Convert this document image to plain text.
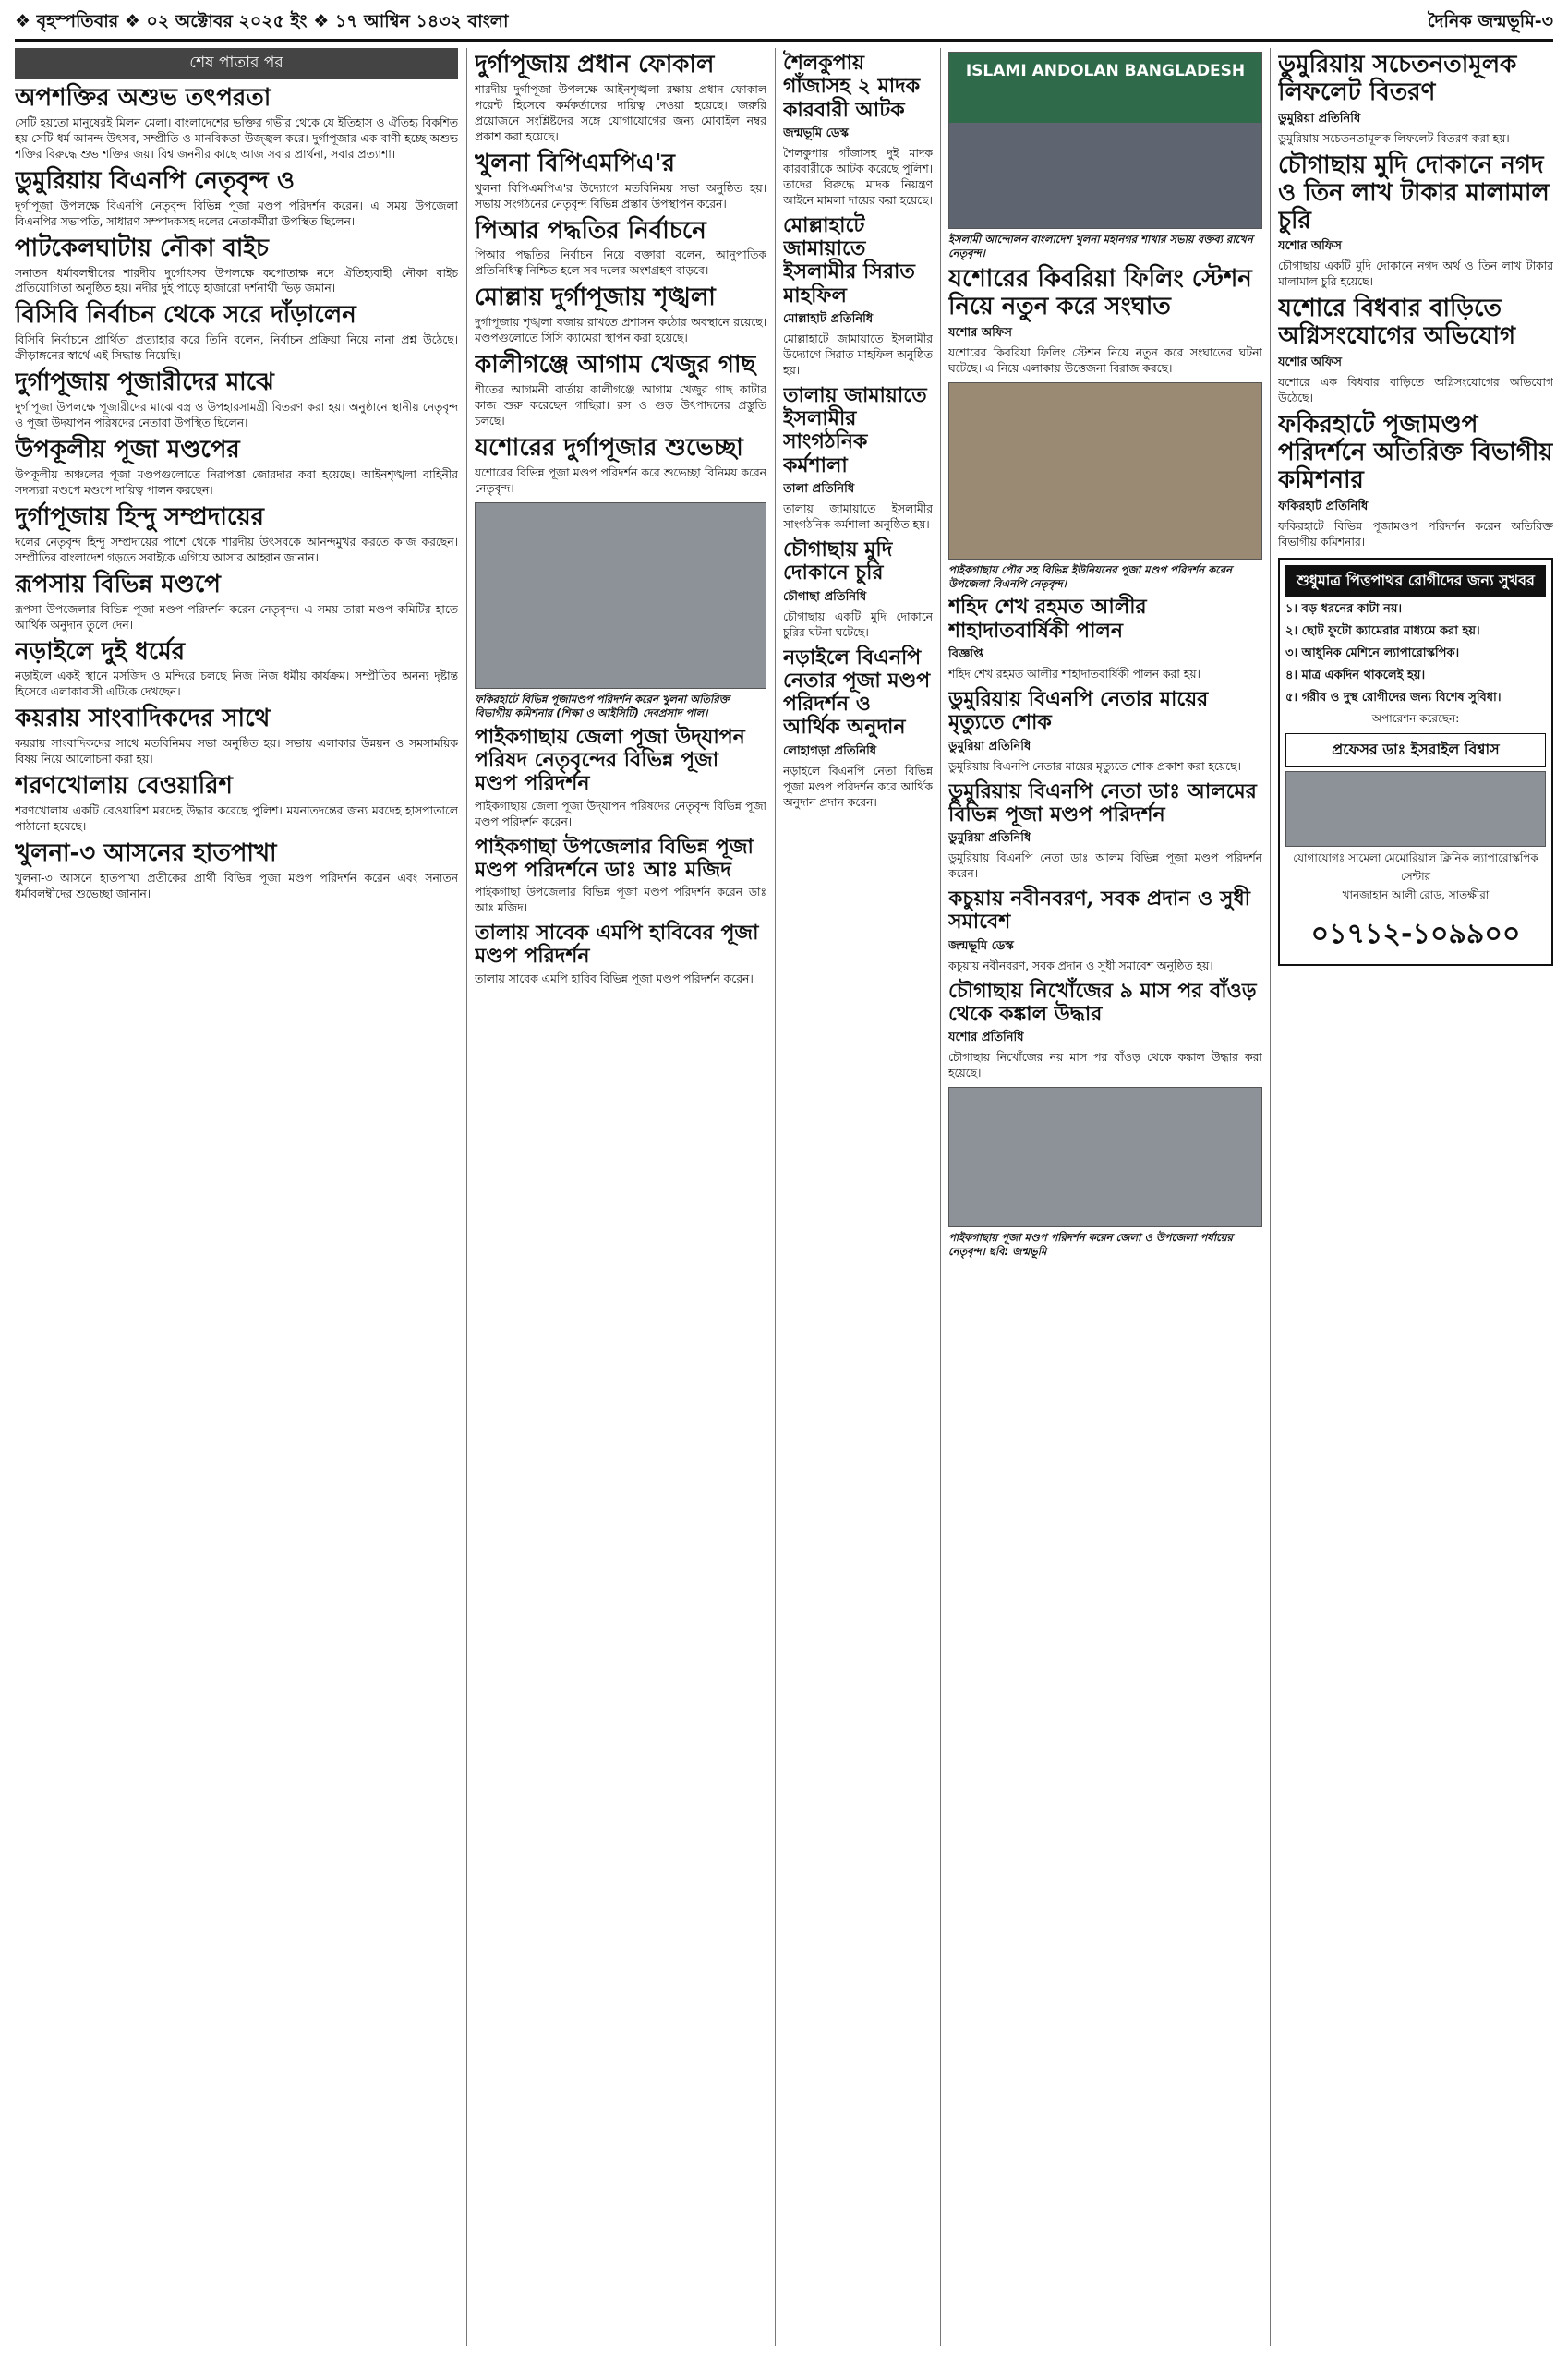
❖ বৃহস্পতিবার ❖ ০২ অক্টোবর ২০২৫ ইং ❖ ১৭ আশ্বিন ১৪৩২ বাংলা	দৈনিক জন্মভূমি-৩
শেষ পাতার পর
অপশক্তির অশুভ তৎপরতা

সেটি হয়তো মানুষেরই মিলন মেলা। বাংলাদেশের ভক্তির গভীর থেকে যে ইতিহাস ও ঐতিহ্য বিকশিত হয় সেটি ধর্ম আনন্দ উৎসব, সম্প্রীতি ও মানবিকতা উজ্জ্বল করে। দুর্গাপূজার এক বাণী হচ্ছে অশুভ শক্তির বিরুদ্ধে শুভ শক্তির জয়। বিশ্ব জননীর কাছে আজ সবার প্রার্থনা, সবার প্রত্যাশা।

ডুমুরিয়ায় বিএনপি নেতৃবৃন্দ ও

দুর্গাপূজা উপলক্ষে বিএনপি নেতৃবৃন্দ বিভিন্ন পূজা মণ্ডপ পরিদর্শন করেন। এ সময় উপজেলা বিএনপির সভাপতি, সাধারণ সম্পাদকসহ দলের নেতাকর্মীরা উপস্থিত ছিলেন।

পাটকেলঘাটায় নৌকা বাইচ

সনাতন ধর্মাবলম্বীদের শারদীয় দুর্গোৎসব উপলক্ষে কপোতাক্ষ নদে ঐতিহ্যবাহী নৌকা বাইচ প্রতিযোগিতা অনুষ্ঠিত হয়। নদীর দুই পাড়ে হাজারো দর্শনার্থী ভিড় জমান।

বিসিবি নির্বাচন থেকে সরে দাঁড়ালেন

বিসিবি নির্বাচনে প্রার্থিতা প্রত্যাহার করে তিনি বলেন, নির্বাচন প্রক্রিয়া নিয়ে নানা প্রশ্ন উঠেছে। ক্রীড়াঙ্গনের স্বার্থে এই সিদ্ধান্ত নিয়েছি।

দুর্গাপূজায় পূজারীদের মাঝে

দুর্গাপূজা উপলক্ষে পূজারীদের মাঝে বস্ত্র ও উপহারসামগ্রী বিতরণ করা হয়। অনুষ্ঠানে স্থানীয় নেতৃবৃন্দ ও পূজা উদযাপন পরিষদের নেতারা উপস্থিত ছিলেন।

উপকূলীয় পূজা মণ্ডপের

উপকূলীয় অঞ্চলের পূজা মণ্ডপগুলোতে নিরাপত্তা জোরদার করা হয়েছে। আইনশৃঙ্খলা বাহিনীর সদস্যরা মণ্ডপে মণ্ডপে দায়িত্ব পালন করছেন।

দুর্গাপূজায় হিন্দু সম্প্রদায়ের

দলের নেতৃবৃন্দ হিন্দু সম্প্রদায়ের পাশে থেকে শারদীয় উৎসবকে আনন্দমুখর করতে কাজ করছেন। সম্প্রীতির বাংলাদেশ গড়তে সবাইকে এগিয়ে আসার আহ্বান জানান।

রূপসায় বিভিন্ন মণ্ডপে

রূপসা উপজেলার বিভিন্ন পূজা মণ্ডপ পরিদর্শন করেন নেতৃবৃন্দ। এ সময় তারা মণ্ডপ কমিটির হাতে আর্থিক অনুদান তুলে দেন।

নড়াইলে দুই ধর্মের

নড়াইলে একই স্থানে মসজিদ ও মন্দিরে চলছে নিজ নিজ ধর্মীয় কার্যক্রম। সম্প্রীতির অনন্য দৃষ্টান্ত হিসেবে এলাকাবাসী এটিকে দেখছেন।

কয়রায় সাংবাদিকদের সাথে

কয়রায় সাংবাদিকদের সাথে মতবিনিময় সভা অনুষ্ঠিত হয়। সভায় এলাকার উন্নয়ন ও সমসাময়িক বিষয় নিয়ে আলোচনা করা হয়।

শরণখোলায় বেওয়ারিশ

শরণখোলায় একটি বেওয়ারিশ মরদেহ উদ্ধার করেছে পুলিশ। ময়নাতদন্তের জন্য মরদেহ হাসপাতালে পাঠানো হয়েছে।

খুলনা-৩ আসনের হাতপাখা

খুলনা-৩ আসনে হাতপাখা প্রতীকের প্রার্থী বিভিন্ন পূজা মণ্ডপ পরিদর্শন করেন এবং সনাতন ধর্মাবলম্বীদের শুভেচ্ছা জানান।

দুর্গাপূজায় প্রধান ফোকাল

শারদীয় দুর্গাপূজা উপলক্ষে আইনশৃঙ্খলা রক্ষায় প্রধান ফোকাল পয়েন্ট হিসেবে কর্মকর্তাদের দায়িত্ব দেওয়া হয়েছে। জরুরি প্রয়োজনে সংশ্লিষ্টদের সঙ্গে যোগাযোগের জন্য মোবাইল নম্বর প্রকাশ করা হয়েছে।

খুলনা বিপিএমপিএ'র

খুলনা বিপিএমপিএ'র উদ্যোগে মতবিনিময় সভা অনুষ্ঠিত হয়। সভায় সংগঠনের নেতৃবৃন্দ বিভিন্ন প্রস্তাব উপস্থাপন করেন।

পিআর পদ্ধতির নির্বাচনে

পিআর পদ্ধতির নির্বাচন নিয়ে বক্তারা বলেন, আনুপাতিক প্রতিনিধিত্ব নিশ্চিত হলে সব দলের অংশগ্রহণ বাড়বে।

মোল্লায় দুর্গাপূজায় শৃঙ্খলা

দুর্গাপূজায় শৃঙ্খলা বজায় রাখতে প্রশাসন কঠোর অবস্থানে রয়েছে। মণ্ডপগুলোতে সিসি ক্যামেরা স্থাপন করা হয়েছে।

কালীগঞ্জে আগাম খেজুর গাছ

শীতের আগমনী বার্তায় কালীগঞ্জে আগাম খেজুর গাছ কাটার কাজ শুরু করেছেন গাছিরা। রস ও গুড় উৎপাদনের প্রস্তুতি চলছে।

যশোরের দুর্গাপূজার শুভেচ্ছা

যশোরের বিভিন্ন পূজা মণ্ডপ পরিদর্শন করে শুভেচ্ছা বিনিময় করেন নেতৃবৃন্দ।

ফকিরহাটে বিভিন্ন পূজামণ্ডপ পরিদর্শন করেন খুলনা অতিরিক্ত বিভাগীয় কমিশনার (শিক্ষা ও আইসিটি) দেবপ্রসাদ পাল।

পাইকগাছায় জেলা পূজা উদ্‌যাপন পরিষদ নেতৃবৃন্দের বিভিন্ন পূজা মণ্ডপ পরিদর্শন

পাইকগাছায় জেলা পূজা উদ্‌যাপন পরিষদের নেতৃবৃন্দ বিভিন্ন পূজা মণ্ডপ পরিদর্শন করেন।

পাইকগাছা উপজেলার বিভিন্ন পূজা মণ্ডপ পরিদর্শনে ডাঃ আঃ মজিদ

পাইকগাছা উপজেলার বিভিন্ন পূজা মণ্ডপ পরিদর্শন করেন ডাঃ আঃ মজিদ।

তালায় সাবেক এমপি হাবিবের পূজা মণ্ডপ পরিদর্শন

তালায় সাবেক এমপি হাবিব বিভিন্ন পূজা মণ্ডপ পরিদর্শন করেন।

শৈলকুপায় গাঁজাসহ ২ মাদক কারবারী আটক
জন্মভূমি ডেস্ক

শৈলকুপায় গাঁজাসহ দুই মাদক কারবারীকে আটক করেছে পুলিশ। তাদের বিরুদ্ধে মাদক নিয়ন্ত্রণ আইনে মামলা দায়ের করা হয়েছে।

মোল্লাহাটে জামায়াতে ইসলামীর সিরাত মাহফিল
মোল্লাহাট প্রতিনিধি

মোল্লাহাটে জামায়াতে ইসলামীর উদ্যোগে সিরাত মাহফিল অনুষ্ঠিত হয়।

তালায় জামায়াতে ইসলামীর সাংগঠনিক কর্মশালা
তালা প্রতিনিধি

তালায় জামায়াতে ইসলামীর সাংগঠনিক কর্মশালা অনুষ্ঠিত হয়।

চৌগাছায় মুদি দোকানে চুরি
চৌগাছা প্রতিনিধি

চৌগাছায় একটি মুদি দোকানে চুরির ঘটনা ঘটেছে।

নড়াইলে বিএনপি নেতার পূজা মণ্ডপ পরিদর্শন ও আর্থিক অনুদান
লোহাগড়া প্রতিনিধি

নড়াইলে বিএনপি নেতা বিভিন্ন পূজা মণ্ডপ পরিদর্শন করে আর্থিক অনুদান প্রদান করেন।

ISLAMI ANDOLAN BANGLADESH

ইসলামী আন্দোলন বাংলাদেশ খুলনা মহানগর শাখার সভায় বক্তব্য রাখেন নেতৃবৃন্দ।

যশোরের কিবরিয়া ফিলিং স্টেশন নিয়ে নতুন করে সংঘাত
যশোর অফিস

যশোরের কিবরিয়া ফিলিং স্টেশন নিয়ে নতুন করে সংঘাতের ঘটনা ঘটেছে। এ নিয়ে এলাকায় উত্তেজনা বিরাজ করছে।

পাইকগাছায় পৌর সহ বিভিন্ন ইউনিয়নের পূজা মণ্ডপ পরিদর্শন করেন উপজেলা বিএনপি নেতৃবৃন্দ।

শহিদ শেখ রহমত আলীর শাহাদাতবার্ষিকী পালন
বিজ্ঞপ্তি

শহিদ শেখ রহমত আলীর শাহাদাতবার্ষিকী পালন করা হয়।

ডুমুরিয়ায় বিএনপি নেতার মায়ের মৃত্যুতে শোক
ডুমুরিয়া প্রতিনিধি

ডুমুরিয়ায় বিএনপি নেতার মায়ের মৃত্যুতে শোক প্রকাশ করা হয়েছে।

ডুমুরিয়ায় বিএনপি নেতা ডাঃ আলমের বিভিন্ন পূজা মণ্ডপ পরিদর্শন
ডুমুরিয়া প্রতিনিধি

ডুমুরিয়ায় বিএনপি নেতা ডাঃ আলম বিভিন্ন পূজা মণ্ডপ পরিদর্শন করেন।

কচুয়ায় নবীনবরণ, সবক প্রদান ও সুধী সমাবেশ
জন্মভূমি ডেস্ক

কচুয়ায় নবীনবরণ, সবক প্রদান ও সুধী সমাবেশ অনুষ্ঠিত হয়।

চৌগাছায় নিখোঁজের ৯ মাস পর বাঁওড় থেকে কঙ্কাল উদ্ধার
যশোর প্রতিনিধি

চৌগাছায় নিখোঁজের নয় মাস পর বাঁওড় থেকে কঙ্কাল উদ্ধার করা হয়েছে।

পাইকগাছায় পূজা মণ্ডপ পরিদর্শন করেন জেলা ও উপজেলা পর্যায়ের নেতৃবৃন্দ। ছবি: জন্মভূমি

ডুমুরিয়ায় সচেতনতামূলক লিফলেট বিতরণ
ডুমুরিয়া প্রতিনিধি

ডুমুরিয়ায় সচেতনতামূলক লিফলেট বিতরণ করা হয়।

চৌগাছায় মুদি দোকানে নগদ ও তিন লাখ টাকার মালামাল চুরি
যশোর অফিস

চৌগাছায় একটি মুদি দোকানে নগদ অর্থ ও তিন লাখ টাকার মালামাল চুরি হয়েছে।

যশোরে বিধবার বাড়িতে অগ্নিসংযোগের অভিযোগ
যশোর অফিস

যশোরে এক বিধবার বাড়িতে অগ্নিসংযোগের অভিযোগ উঠেছে।

ফকিরহাটে পূজামণ্ডপ পরিদর্শনে অতিরিক্ত বিভাগীয় কমিশনার
ফকিরহাট প্রতিনিধি

ফকিরহাটে বিভিন্ন পূজামণ্ডপ পরিদর্শন করেন অতিরিক্ত বিভাগীয় কমিশনার।

শুধুমাত্র পিত্তপাথর রোগীদের জন্য সুখবর
১। বড় ধরনের কাটা নয়।
২। ছোট ফুটো ক্যামেরার মাধ্যমে করা হয়।
৩। আধুনিক মেশিনে ল্যাপারোস্কপিক।
৪। মাত্র একদিন থাকলেই হয়।
৫। গরীব ও দুস্থ রোগীদের জন্য বিশেষ সুবিধা।
অপারেশন করেছেন:
প্রফেসর ডাঃ ইসরাইল বিশ্বাস
যোগাযোগঃ সামেলা মেমোরিয়াল ক্লিনিক ল্যাপারোস্কপিক সেন্টার
খানজাহান আলী রোড, সাতক্ষীরা
০১৭১২-১০৯৯০০
